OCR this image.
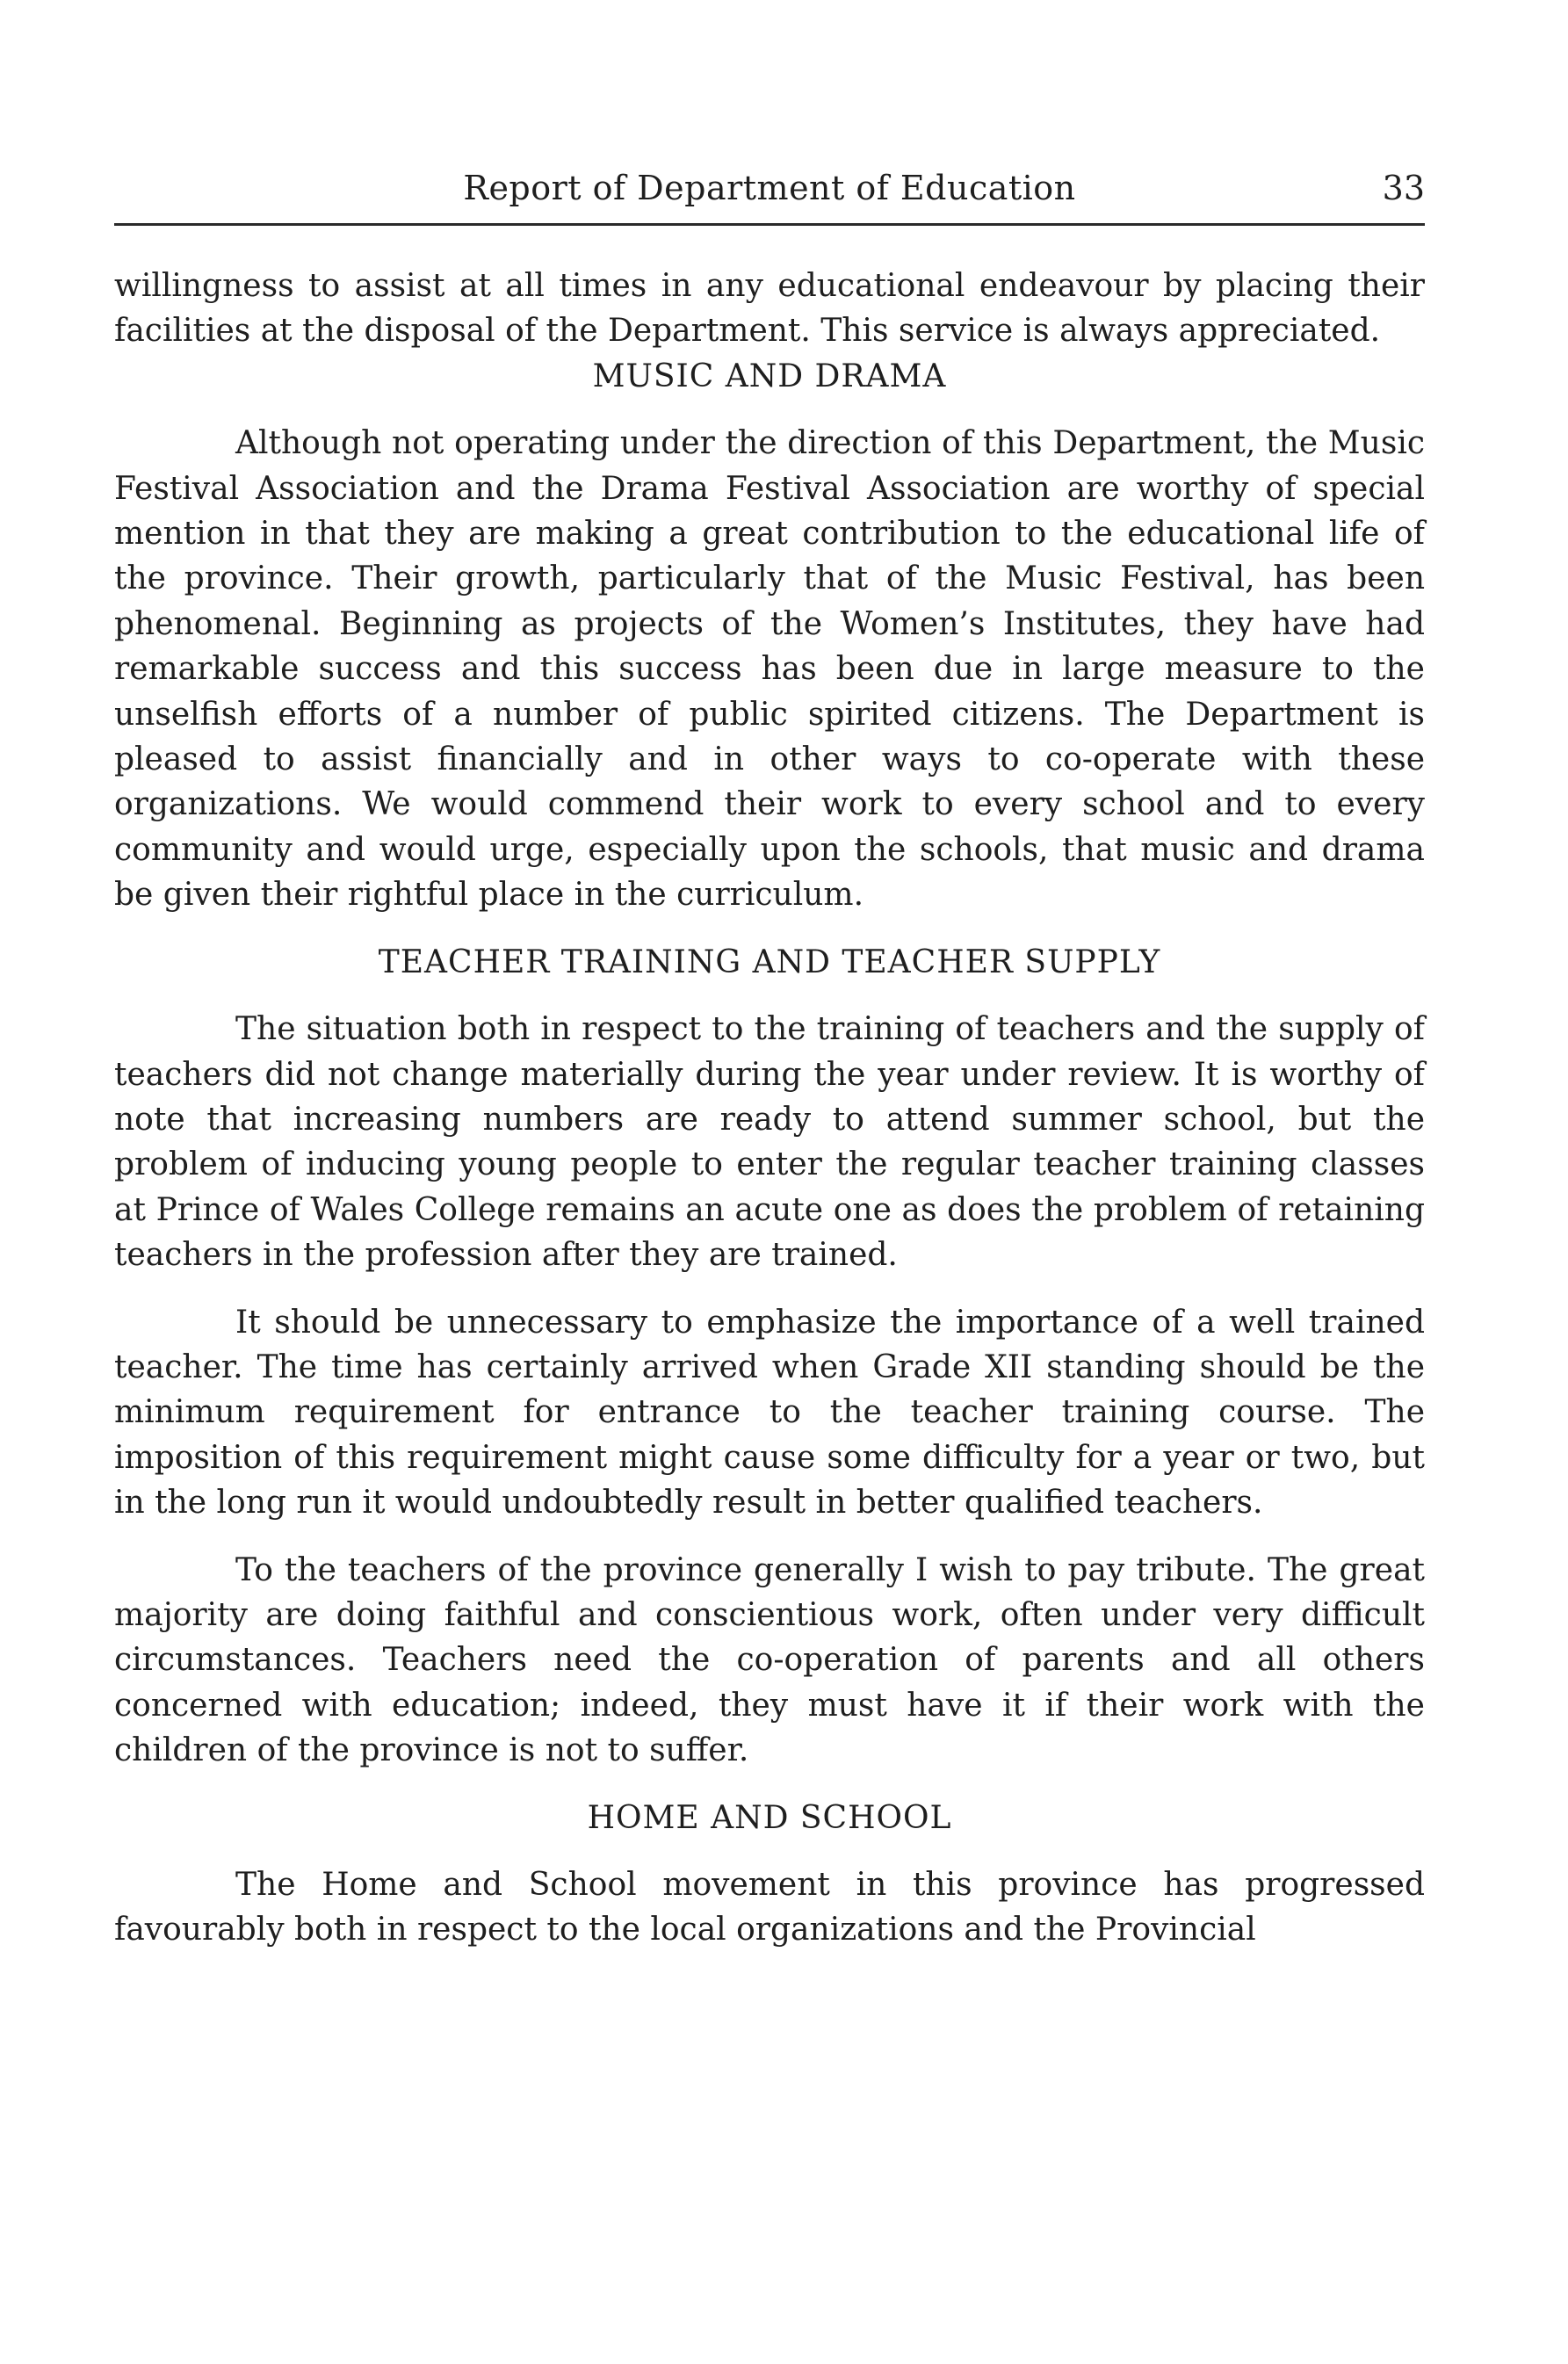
Report of Department of Education	33

willingness to assist at all times in any educational endeavour by placing their facilities at the disposal of the Department. This service is always appreciated.

MUSIC AND DRAMA

Although not operating under the direction of this Department, the Music Festival Association and the Drama Festival Association are worthy of special mention in that they are making a great contribution to the educational life of the province. Their growth, particularly that of the Music Festival, has been phenomenal. Beginning as projects of the Women’s Institutes, they have had remarkable success and this success has been due in large measure to the unselfish efforts of a number of public spirited citizens. The Department is pleased to assist financially and in other ways to co-operate with these organizations. We would commend their work to every school and to every community and would urge, especially upon the schools, that music and drama be given their rightful place in the curriculum.

TEACHER TRAINING AND TEACHER SUPPLY

The situation both in respect to the training of teachers and the supply of teachers did not change materially during the year under review. It is worthy of note that increasing numbers are ready to attend summer school, but the problem of inducing young people to enter the regular teacher training classes at Prince of Wales College remains an acute one as does the problem of retaining teachers in the profession after they are trained.

It should be unnecessary to emphasize the importance of a well trained teacher. The time has certainly arrived when Grade XII standing should be the minimum requirement for entrance to the teacher training course. The imposition of this requirement might cause some difficulty for a year or two, but in the long run it would undoubtedly result in better qualified teachers.

To the teachers of the province generally I wish to pay tribute. The great majority are doing faithful and conscientious work, often under very difficult circumstances. Teachers need the co-operation of parents and all others concerned with education; indeed, they must have it if their work with the children of the province is not to suffer.

HOME AND SCHOOL

The Home and School movement in this province has progressed favourably both in respect to the local organizations and the Provincial
